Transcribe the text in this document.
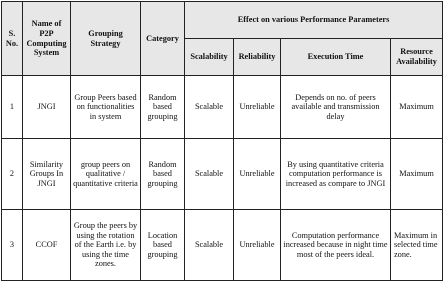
S. No.	Name of P2P Computing System	Grouping Strategy	Category	Effect on various Performance Parameters			
				Scalability	Reliability	Execution Time	Resource Availability
1	JNGI	Group Peers based on functionalities in system	Random based grouping	Scalable	Unreliable	Depends on no. of peers available and transmission delay	Maximum
2	Similarity Groups In JNGI	group peers on qualitative / quantitative criteria	Random based grouping	Scalable	Unreliable	By using quantitative criteria computation performance is increased as compare to JNGI	Maximum
3	CCOF	Group the peers by using the rotation of the Earth i.e. by using the time zones.	Location based grouping	Scalable	Unreliable	Computation performance increased because in night time most of the peers ideal.	Maximum in selected time zone.
